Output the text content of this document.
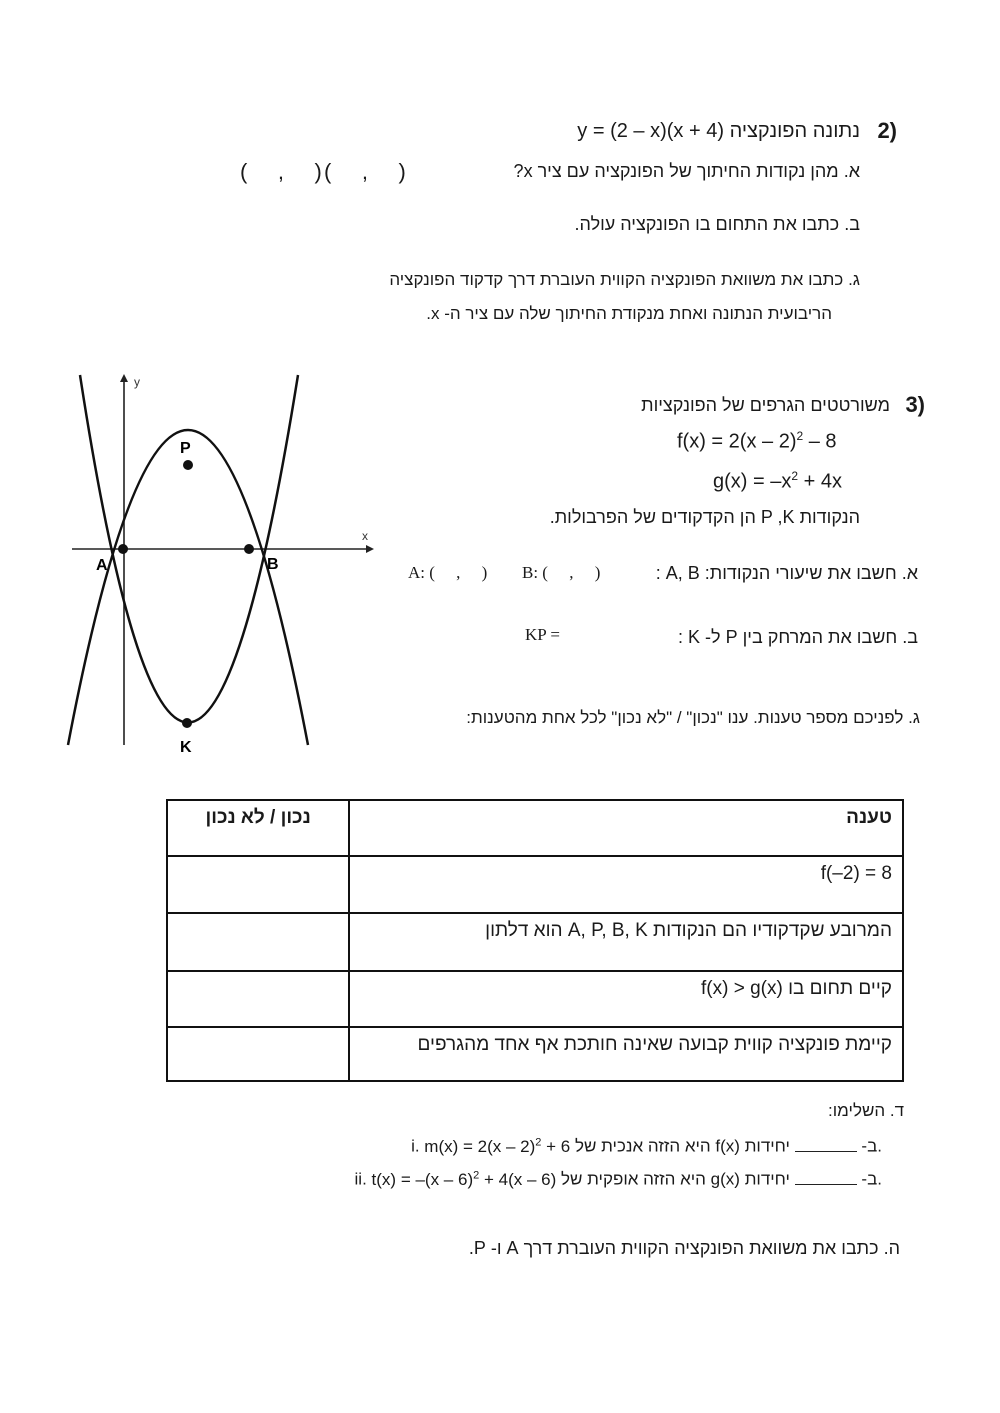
2)
נתונה הפונקציה y = (2 – x)(x + 4)
א. מהן נקודות החיתוך של הפונקציה עם ציר x?
(     ,     )
(     ,     )
ב. כתבו את התחום בו הפונקציה עולה.
ג. כתבו את משוואת הפונקציה הקווית העוברת דרך קדקוד הפונקציה
הריבועית הנתונה ואחת מנקודת החיתוך שלה עם ציר ה- x.
x
y
A	B
P
K
3)
משורטטים הגרפים של הפונקציות
f(x) = 2(x – 2)$^2$ – 8
$g(x) = -x^2 + 4x$
הנקודות P ,K הן הקדקודים של הפרבולות.
א. חשבו את שיעורי הנקודות: A, B :
A: (     ,     ) B: (     ,     )
ב. חשבו את המרחק בין P ל- K :
KP =
ג. לפניכם מספר טענות. ענו "נכון" / "לא נכון" לכל אחת מהטענות:
טענה	נכון / לא נכון
f(–2) = 8	
המרובע שקדקודיו הם הנקודות A, P, B, K הוא דלתון	
קיים תחום בו f(x) > g(x)	
קיימת פונקציה קווית קבועה שאינה חותכת אף אחד מהגרפים	
ד. השלימו:
i. m(x) = 2(x – 2)$^2$ + 6 היא הזזה אנכית של f(x) ב-  יחידות.
ii. t(x) = –(x – 6)$^2$ + 4(x – 6) היא הזזה אופקית של g(x) ב-  יחידות.
ה. כתבו את משוואת הפונקציה הקווית העוברת דרך A ו- P.
